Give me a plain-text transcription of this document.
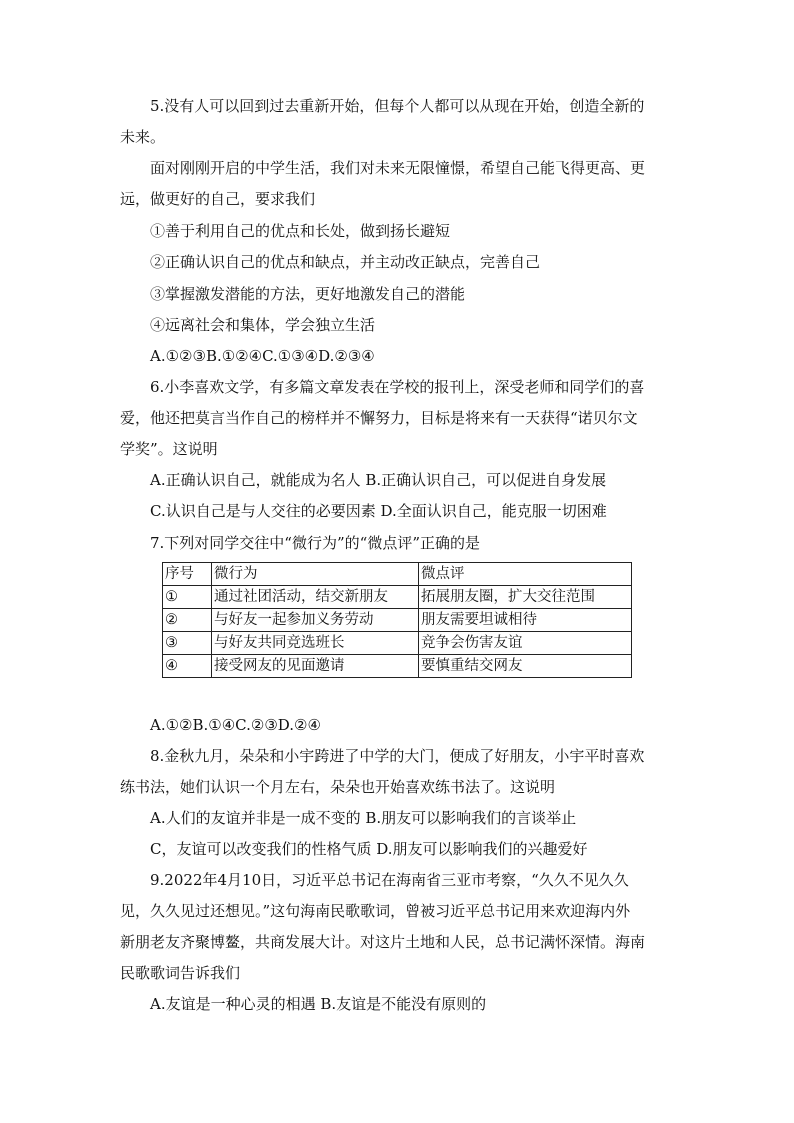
5.没有人可以回到过去重新开始，但每个人都可以从现在开始，创造全新的

未来。

面对刚刚开启的中学生活，我们对未来无限憧憬，希望自己能飞得更高、更

远，做更好的自己，要求我们

①善于利用自己的优点和长处，做到扬长避短

②正确认识自己的优点和缺点，并主动改正缺点，完善自己

③掌握激发潜能的方法，更好地激发自己的潜能

④远离社会和集体，学会独立生活

A.①②③B.①②④C.①③④D.②③④

6.小李喜欢文学，有多篇文章发表在学校的报刊上，深受老师和同学们的喜

爱，他还把莫言当作自己的榜样并不懈努力，目标是将来有一天获得“诺贝尔文

学奖”。这说明

A.正确认识自己，就能成为名人 B.正确认识自己，可以促进自身发展

C.认识自己是与人交往的必要因素 D.全面认识自己，能克服一切困难

7.下列对同学交往中“微行为”的“微点评”正确的是

序号	微行为	微点评
①	通过社团活动，结交新朋友	拓展朋友圈，扩大交往范围
②	与好友一起参加义务劳动	朋友需要坦诚相待
③	与好友共同竞选班长	竞争会伤害友谊
④	接受网友的见面邀请	要慎重结交网友

A.①②B.①④C.②③D.②④

8.金秋九月，朵朵和小宇跨进了中学的大门，便成了好朋友，小宇平时喜欢

练书法，她们认识一个月左右，朵朵也开始喜欢练书法了。这说明

A.人们的友谊并非是一成不变的 B.朋友可以影响我们的言谈举止

C，友谊可以改变我们的性格气质 D.朋友可以影响我们的兴趣爱好

9.2022年4月10日，习近平总书记在海南省三亚市考察，“久久不见久久

见，久久见过还想见。”这句海南民歌歌词，曾被习近平总书记用来欢迎海内外

新朋老友齐聚博鳌，共商发展大计。对这片土地和人民，总书记满怀深情。海南

民歌歌词告诉我们

A.友谊是一种心灵的相遇 B.友谊是不能没有原则的
